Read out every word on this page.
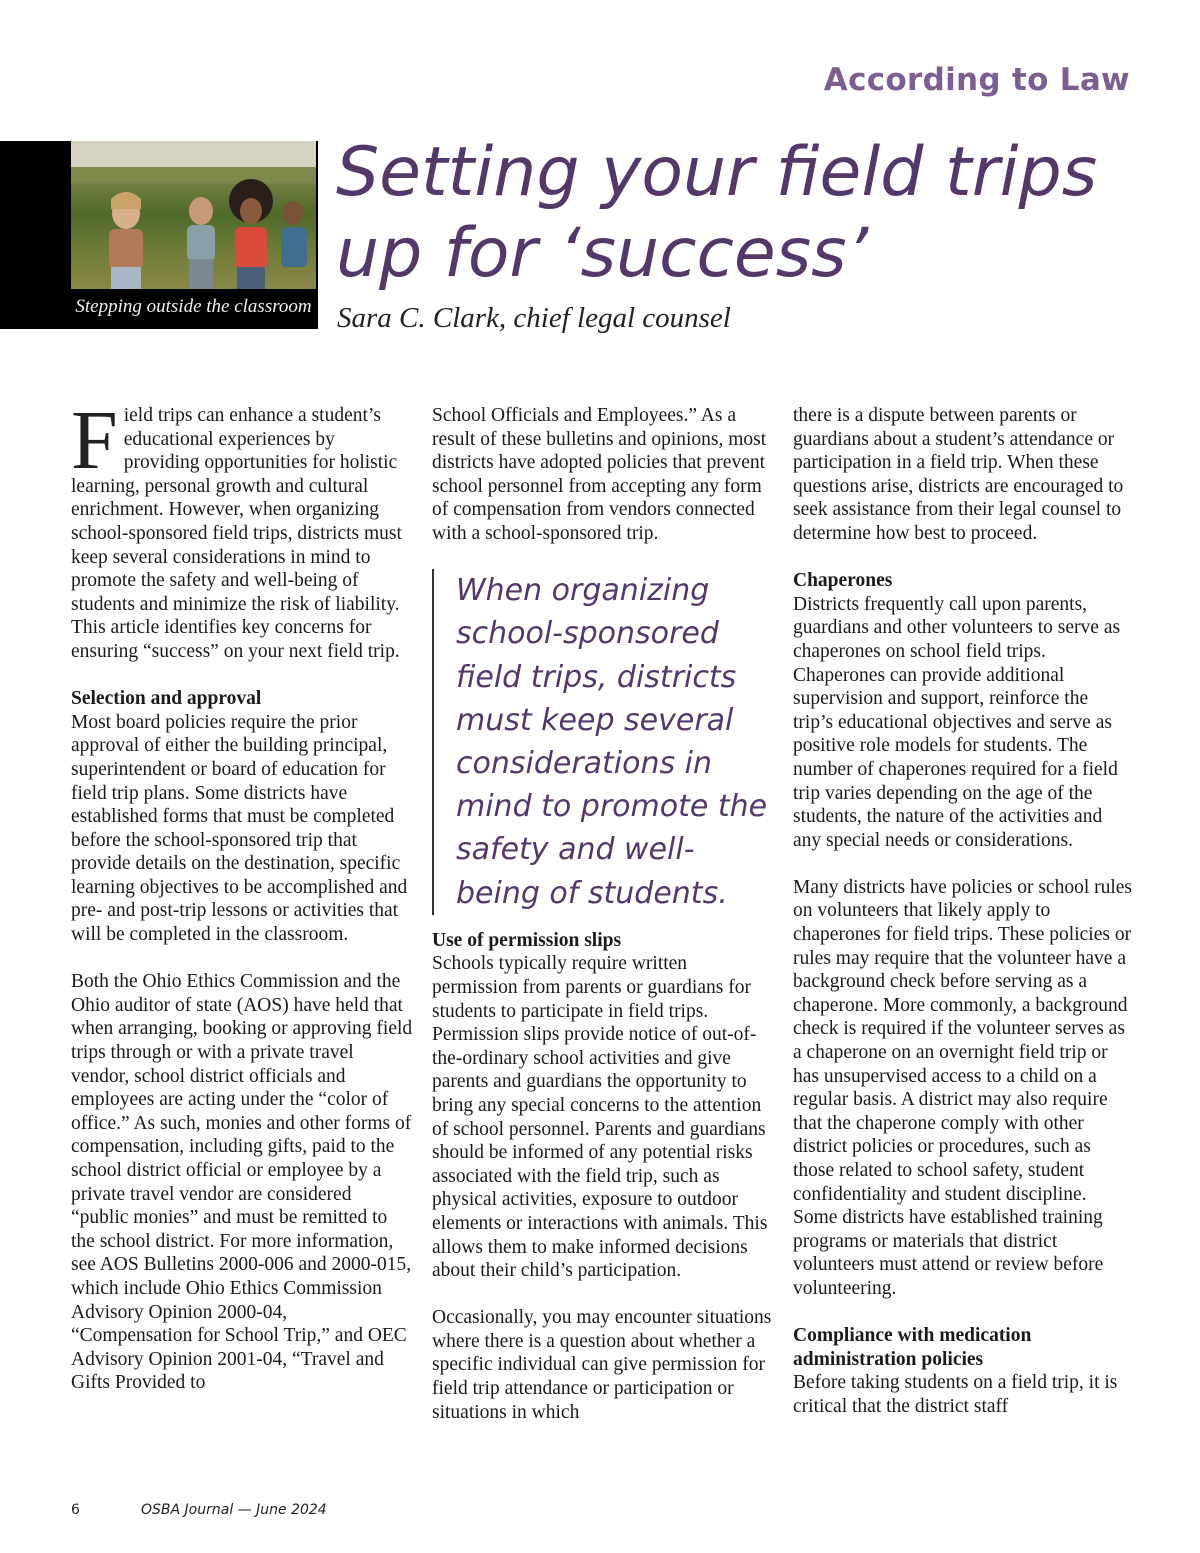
According to Law
Stepping outside the classroom
Setting your field trips
up for ‘success’
Sara C. Clark, chief legal counsel

Field trips can enhance a student’s educational experiences by providing opportunities for holistic learning, personal growth and cultural enrichment. However, when organizing school-sponsored field trips, districts must keep several considerations in mind to promote the safety and well-being of students and minimize the risk of liability. This article identifies key concerns for ensuring “success” on your next field trip.

Selection and approval

Most board policies require the prior approval of either the building principal, superintendent or board of education for field trip plans. Some districts have established forms that must be completed before the school-sponsored trip that provide details on the destination, specific learning objectives to be accomplished and pre- and post-trip lessons or activities that will be completed in the classroom.

Both the Ohio Ethics Commission and the Ohio auditor of state (AOS) have held that when arranging, booking or approving field trips through or with a private travel vendor, school district officials and employees are acting under the “color of office.” As such, monies and other forms of compensation, including gifts, paid to the school district official or employee by a private travel vendor are considered “public monies” and must be remitted to the school district. For more information, see AOS Bulletins 2000-006 and 2000-015, which include Ohio Ethics Commission Advisory Opinion 2000-04, “Compensation for School Trip,” and OEC Advisory Opinion 2001-04, “Travel and Gifts Provided to

School Officials and Employees.” As a result of these bulletins and opinions, most districts have adopted policies that prevent school personnel from accepting any form of compensation from vendors connected with a school-sponsored trip.

When organizing school-sponsored field trips, districts must keep several considerations in mind to promote the safety and well-being of students.
Use of permission slips

Schools typically require written permission from parents or guardians for students to participate in field trips. Permission slips provide notice of out-of-the-ordinary school activities and give parents and guardians the opportunity to bring any special concerns to the attention of school personnel. Parents and guardians should be informed of any potential risks associated with the field trip, such as physical activities, exposure to outdoor elements or interactions with animals. This allows them to make informed decisions about their child’s participation.

Occasionally, you may encounter situations where there is a question about whether a specific individual can give permission for field trip attendance or participation or situations in which

there is a dispute between parents or guardians about a student’s attendance or participation in a field trip. When these questions arise, districts are encouraged to seek assistance from their legal counsel to determine how best to proceed.

Chaperones

Districts frequently call upon parents, guardians and other volunteers to serve as chaperones on school field trips. Chaperones can provide additional supervision and support, reinforce the trip’s educational objectives and serve as positive role models for students. The number of chaperones required for a field trip varies depending on the age of the students, the nature of the activities and any special needs or considerations.

Many districts have policies or school rules on volunteers that likely apply to chaperones for field trips. These policies or rules may require that the volunteer have a background check before serving as a chaperone. More commonly, a background check is required if the volunteer serves as a chaperone on an overnight field trip or has unsupervised access to a child on a regular basis. A district may also require that the chaperone comply with other district policies or procedures, such as those related to school safety, student confidentiality and student discipline. Some districts have established training programs or materials that district volunteers must attend or review before volunteering.

Compliance with medication administration policies

Before taking students on a field trip, it is critical that the district staff

6	OSBA Journal — June 2024
